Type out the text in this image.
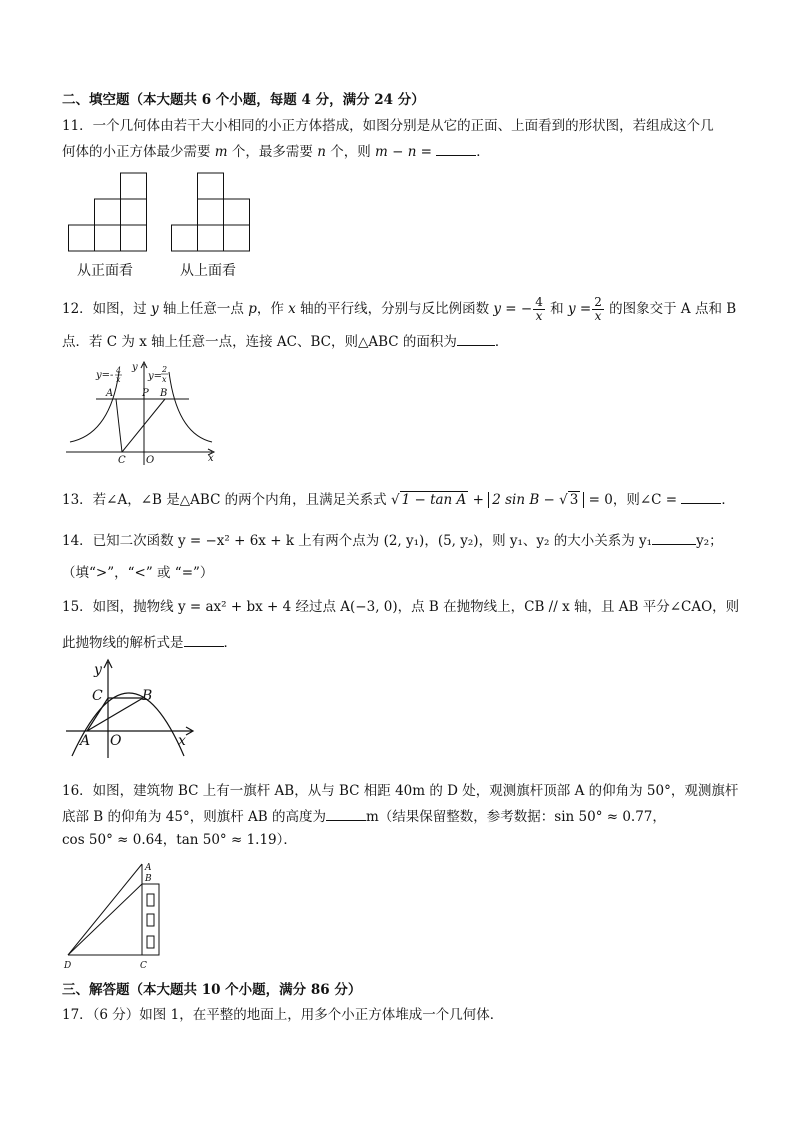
二、填空题（本大题共 6 个小题，每题 4 分，满分 24 分）
11．一个几何体由若干大小相同的小正方体搭成，如图分别是从它的正面、上面看到的形状图，若组成这个几
何体的小正方体最少需要 m 个，最多需要 n 个，则 m − n =	．
从正面看	从上面看
12．如图，过 y 轴上任意一点 p，作 x 轴的平行线，分别与反比例函数 y = − $\frac{4}{x}$ 和 $y = \frac{2}{x}$ 的图象交于 A 点和 B
点．若 C 为 x 轴上任意一点，连接 AC、BC，则△ABC 的面积为	．
y=- 4
x
y
y=
2
x
A	P B
C O	x
13．若∠A，∠B 是△ABC 的两个内角，且满足关系式 √ 1 − tan A + 2 sin B − √ 3 = 0，则∠C =	．
14．已知二次函数 y = −x² + 6x + k 上有两个点为 (2, y₁)，(5, y₂)，则 y₁、y₂ 的大小关系为 y₁	y₂；
（填“>”，“<” 或 “=”）
15．如图，抛物线 y = ax² + bx + 4 经过点 A(−3, 0)，点 B 在抛物线上，CB // x 轴，且 AB 平分∠CAO，则
此抛物线的解析式是	．
y
C	B
A O	x
16．如图，建筑物 BC 上有一旗杆 AB，从与 BC 相距 40m 的 D 处，观测旗杆顶部 A 的仰角为 50°，观测旗杆
底部 B 的仰角为 45°，则旗杆 AB 的高度为	m（结果保留整数，参考数据：sin 50° ≈ 0.77，
cos 50° ≈ 0.64，tan 50° ≈ 1.19）．
A
B
D	C
三、解答题（本大题共 10 个小题，满分 86 分）
17．（6 分）如图 1，在平整的地面上，用多个小正方体堆成一个几何体．
